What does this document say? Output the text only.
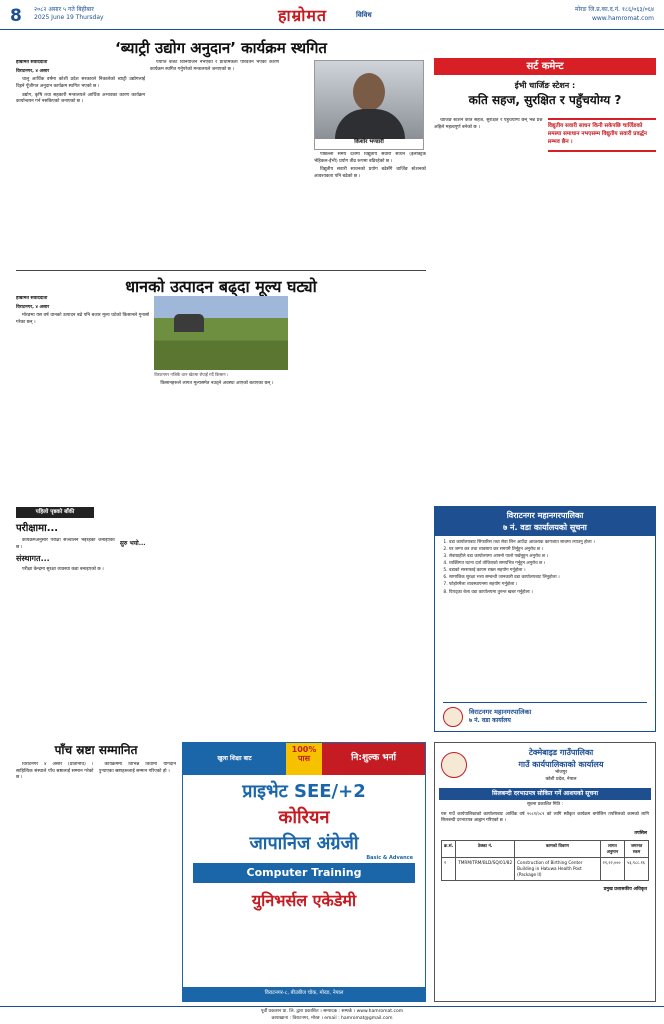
8 २०८२ असार ५ गते बिहीबार
2025 June 19 Thursday	हाम्रोमत	विविध
मोरङ जि.प्र.का.द.नं. १८६/०६३/०६४
www.hamromat.com
‘ब्याट्री उद्योग अनुदान’ कार्यक्रम स्थगित
हाम्रोमत संवाददाता
विराटनगर, ४ असार

चालु आर्थिक वर्षमा कोशी प्रदेश सरकारले निकालेको ब्याट्री उद्योगलाई दिइने पूँजीगत अनुदान कार्यक्रम स्थगित भएको छ ।

उद्योग, कृषि तथा सहकारी मन्त्रालयले आर्थिक अभावका कारण कार्यक्रम कार्यान्वयन गर्न नसकिएको जनाएको छ ।

पर्याप्त बजेट विनियोजन नभएको र प्राथमिकता परिवर्तन भएको कारण कार्यक्रम स्थगित गर्नुपरेको मन्त्रालयले जनाएको छ ।

किशोर भण्डारी

पछिल्लो समय देशमा विद्युतीय सवारी साधन (इलेक्ट्रिक भेहिकल-ईभी) प्रयोग तीव्र रूपमा बढिरहेको छ ।

विद्युतीय सवारी साधनको प्रयोग बढेसँगै चार्जिङ स्टेशनको आवश्यकता पनि बढेको छ ।

सर्ट कमेन्ट
ईभी चार्जिङ स्टेशन :
कति सहज, सुरक्षित र पहुँचयोग्य ?

चार्जिङ स्टेशन कति सहज, सुरक्षित र पहुँचयोग्य छन् भन्ने प्रश्न अहिले महत्वपूर्ण बनेको छ ।	विद्युतीय सवारी साधन किनी सकेपछि चार्जिङको समस्या समाधान नभएसम्म विद्युतीय सवारी प्रवर्द्धन सम्भव छैन ।
धानको उत्पादन बढ्दा मूल्य घट्यो
हाम्रोमत संवाददाता
विराटनगर, ४ असार

मोरङमा यस वर्ष धानको उत्पादन बढे पनि बजार मूल्य घटेको किसानले गुनासो गरेका छन् ।

विराटनगर नजिकै धान खेतमा रोपाइँ गर्दै किसान ।

किसानहरूले लागत मूल्यसमेत नउठ्ने अवस्था आएको बताएका छन् ।

पहिलो पृष्ठको बाँकी
परीक्षामा...

कार्यक्रमअनुसार परीक्षा सञ्चालन भइरहेको जनाइएको छ ।

संस्थागत...

परीक्षा केन्द्रमा सुरक्षा व्यवस्था कडा बनाइएको छ ।

सुरु भयो...
विराटनगर महानगरपालिका
७ नं. वडा कार्यालयको सूचना
1. वडा कार्यालयबाट सिफारिस तथा सेवा लिन आउँदा आवश्यक कागजात साथमा ल्याउनु होला ।
2. घर जग्गा कर तथा व्यवसाय कर समयमै तिर्नुहुन अनुरोध छ ।
3. सेवाग्राहीले वडा कार्यालयमा आफ्नो पालो पर्खनुहुन अनुरोध छ ।
4. व्यक्तिगत घटना दर्ता तोकिएको समयभित्र गर्नुहुन अनुरोध छ ।
5. वडाको सरसफाई कायम राख्न सहयोग गर्नुहोला ।
6. सामाजिक सुरक्षा भत्ता सम्बन्धी जानकारी वडा कार्यालयबाट लिनुहोला ।
7. फोहोरमैला व्यवस्थापनमा सहयोग गर्नुहोला ।
8. विपद्का बेला वडा कार्यालयमा तुरुन्त खबर गर्नुहोला ।
विराटनगर महानगरपालिका
७ नं. वडा कार्यालय
पाँच स्रष्टा सम्मानित

विराटनगर ४ असार (प्रतिनिधि) । साहित्यिक संस्थाले पाँच स्रष्टालाई सम्मान गरेको छ ।

कार्यक्रममा विभिन्न विधामा योगदान पुर्‍याएका स्रष्टाहरूलाई सम्मान गरिएको हो ।

खुला शिक्षा बाट
100% पास	नि:शुल्क भर्ना
प्राइभेट SEE/+2
कोरियन
जापानिज अंग्रेजी
Basic & Advance
Computer Training
युनिभर्सल एकेडेमी
विराटनगर-८, बीउबीज चोक, मोरङ, नेपाल
टेक्मेबाइड गाउँपालिका
गाउँ कार्यपालिकाको कार्यालय
भोजपुर
कोशी प्रदेश, नेपाल
सिलबन्दी दरभाउपत्र सोकित गर्ने आशयको सूचना
सूचना प्रकाशित मिति :
यस गाउँ कार्यपालिकाको कार्यालयबाट आर्थिक वर्ष २०८१/०८२ को लागि स्वीकृत कार्यक्रम बमोजिम तपसिलको कामको लागि सिलबन्दी दरभाउपत्र आह्वान गरिएको छ ।
तपसिल
क्र.सं.	ठेक्का नं.	कामको विवरण	लागत अनुमान	जमानत रकम
१	TMRM/TRM/BLD/SQ/01/82	Construction of Birthing Center Building in Hatuwa Health Post (Package II)	२१,२२,०००	५३,९८८.१६
प्रमुख प्रशासकीय अधिकृत
पूर्वी प्रकाशन प्रा. लि. द्वारा प्रकाशित । सम्पादक : सम्पर्क । www.hamromat.com
छापाखाना : विराटनगर, मोरङ । email : hamromat@gmail.com
